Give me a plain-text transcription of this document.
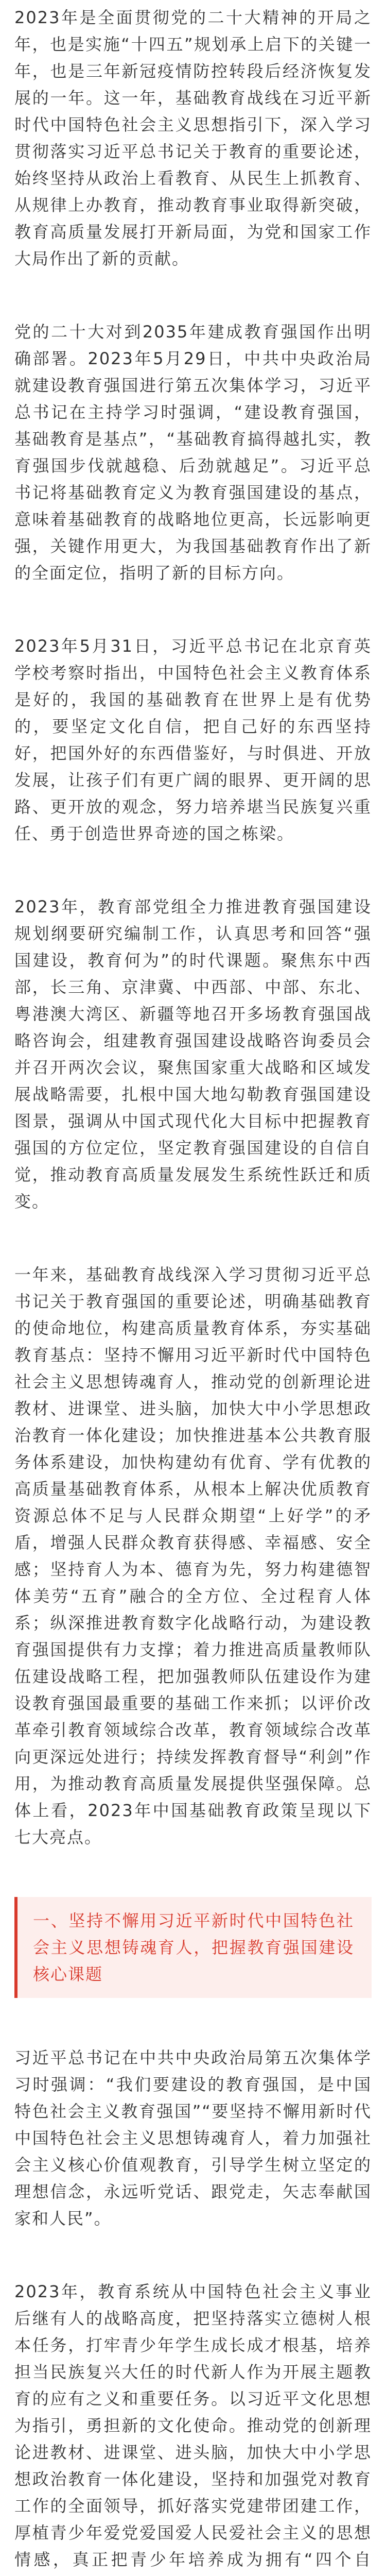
2023年是全面贯彻党的二十大精神的开局之年，也是实施“十四五”规划承上启下的关键一年，也是三年新冠疫情防控转段后经济恢复发展的一年。这一年，基础教育战线在习近平新时代中国特色社会主义思想指引下，深入学习贯彻落实习近平总书记关于教育的重要论述，始终坚持从政治上看教育、从民生上抓教育、从规律上办教育，推动教育事业取得新突破，教育高质量发展打开新局面，为党和国家工作大局作出了新的贡献。

党的二十大对到2035年建成教育强国作出明确部署。2023年5月29日，中共中央政治局就建设教育强国进行第五次集体学习，习近平总书记在主持学习时强调，“建设教育强国，基础教育是基点”，“基础教育搞得越扎实，教育强国步伐就越稳、后劲就越足”。习近平总书记将基础教育定义为教育强国建设的基点，意味着基础教育的战略地位更高，长远影响更强，关键作用更大，为我国基础教育作出了新的全面定位，指明了新的目标方向。

2023年5月31日，习近平总书记在北京育英学校考察时指出，中国特色社会主义教育体系是好的，我国的基础教育在世界上是有优势的，要坚定文化自信，把自己好的东西坚持好，把国外好的东西借鉴好，与时俱进、开放发展，让孩子们有更广阔的眼界、更开阔的思路、更开放的观念，努力培养堪当民族复兴重任、勇于创造世界奇迹的国之栋梁。

2023年，教育部党组全力推进教育强国建设规划纲要研究编制工作，认真思考和回答“强国建设，教育何为”的时代课题。聚焦东中西部，长三角、京津冀、中西部、中部、东北、粤港澳大湾区、新疆等地召开多场教育强国战略咨询会，组建教育强国建设战略咨询委员会并召开两次会议，聚焦国家重大战略和区域发展战略需要，扎根中国大地勾勒教育强国建设图景，强调从中国式现代化大目标中把握教育强国的方位定位，坚定教育强国建设的自信自觉，推动教育高质量发展发生系统性跃迁和质变。

一年来，基础教育战线深入学习贯彻习近平总书记关于教育强国的重要论述，明确基础教育的使命地位，构建高质量教育体系，夯实基础教育基点：坚持不懈用习近平新时代中国特色社会主义思想铸魂育人，推动党的创新理论进教材、进课堂、进头脑，加快大中小学思想政治教育一体化建设；加快推进基本公共教育服务体系建设，加快构建幼有优育、学有优教的高质量基础教育体系，从根本上解决优质教育资源总体不足与人民群众期望“上好学”的矛盾，增强人民群众教育获得感、幸福感、安全感；坚持育人为本、德育为先，努力构建德智体美劳“五育”融合的全方位、全过程育人体系；纵深推进教育数字化战略行动，为建设教育强国提供有力支撑；着力推进高质量教师队伍建设战略工程，把加强教师队伍建设作为建设教育强国最重要的基础工作来抓；以评价改革牵引教育领域综合改革，教育领域综合改革向更深远处进行；持续发挥教育督导“利剑”作用，为推动教育高质量发展提供坚强保障。总体上看，2023年中国基础教育政策呈现以下七大亮点。

一、坚持不懈用习近平新时代中国特色社会主义思想铸魂育人，把握教育强国建设核心课题

习近平总书记在中共中央政治局第五次集体学习时强调：“我们要建设的教育强国，是中国特色社会主义教育强国”“要坚持不懈用新时代中国特色社会主义思想铸魂育人，着力加强社会主义核心价值观教育，引导学生树立坚定的理想信念，永远听党话、跟党走，矢志奉献国家和人民”。

2023年，教育系统从中国特色社会主义事业后继有人的战略高度，把坚持落实立德树人根本任务，打牢青少年学生成长成才根基，培养担当民族复兴大任的时代新人作为开展主题教育的应有之义和重要任务。以习近平文化思想为指引，勇担新的文化使命。推动党的创新理论进教材、进课堂、进头脑，加快大中小学思想政治教育一体化建设，坚持和加强党对教育工作的全面领导，抓好落实党建带团建工作，厚植青少年爱党爱国爱人民爱社会主义的思想情感，真正把青少年培养成为拥有“四个自
